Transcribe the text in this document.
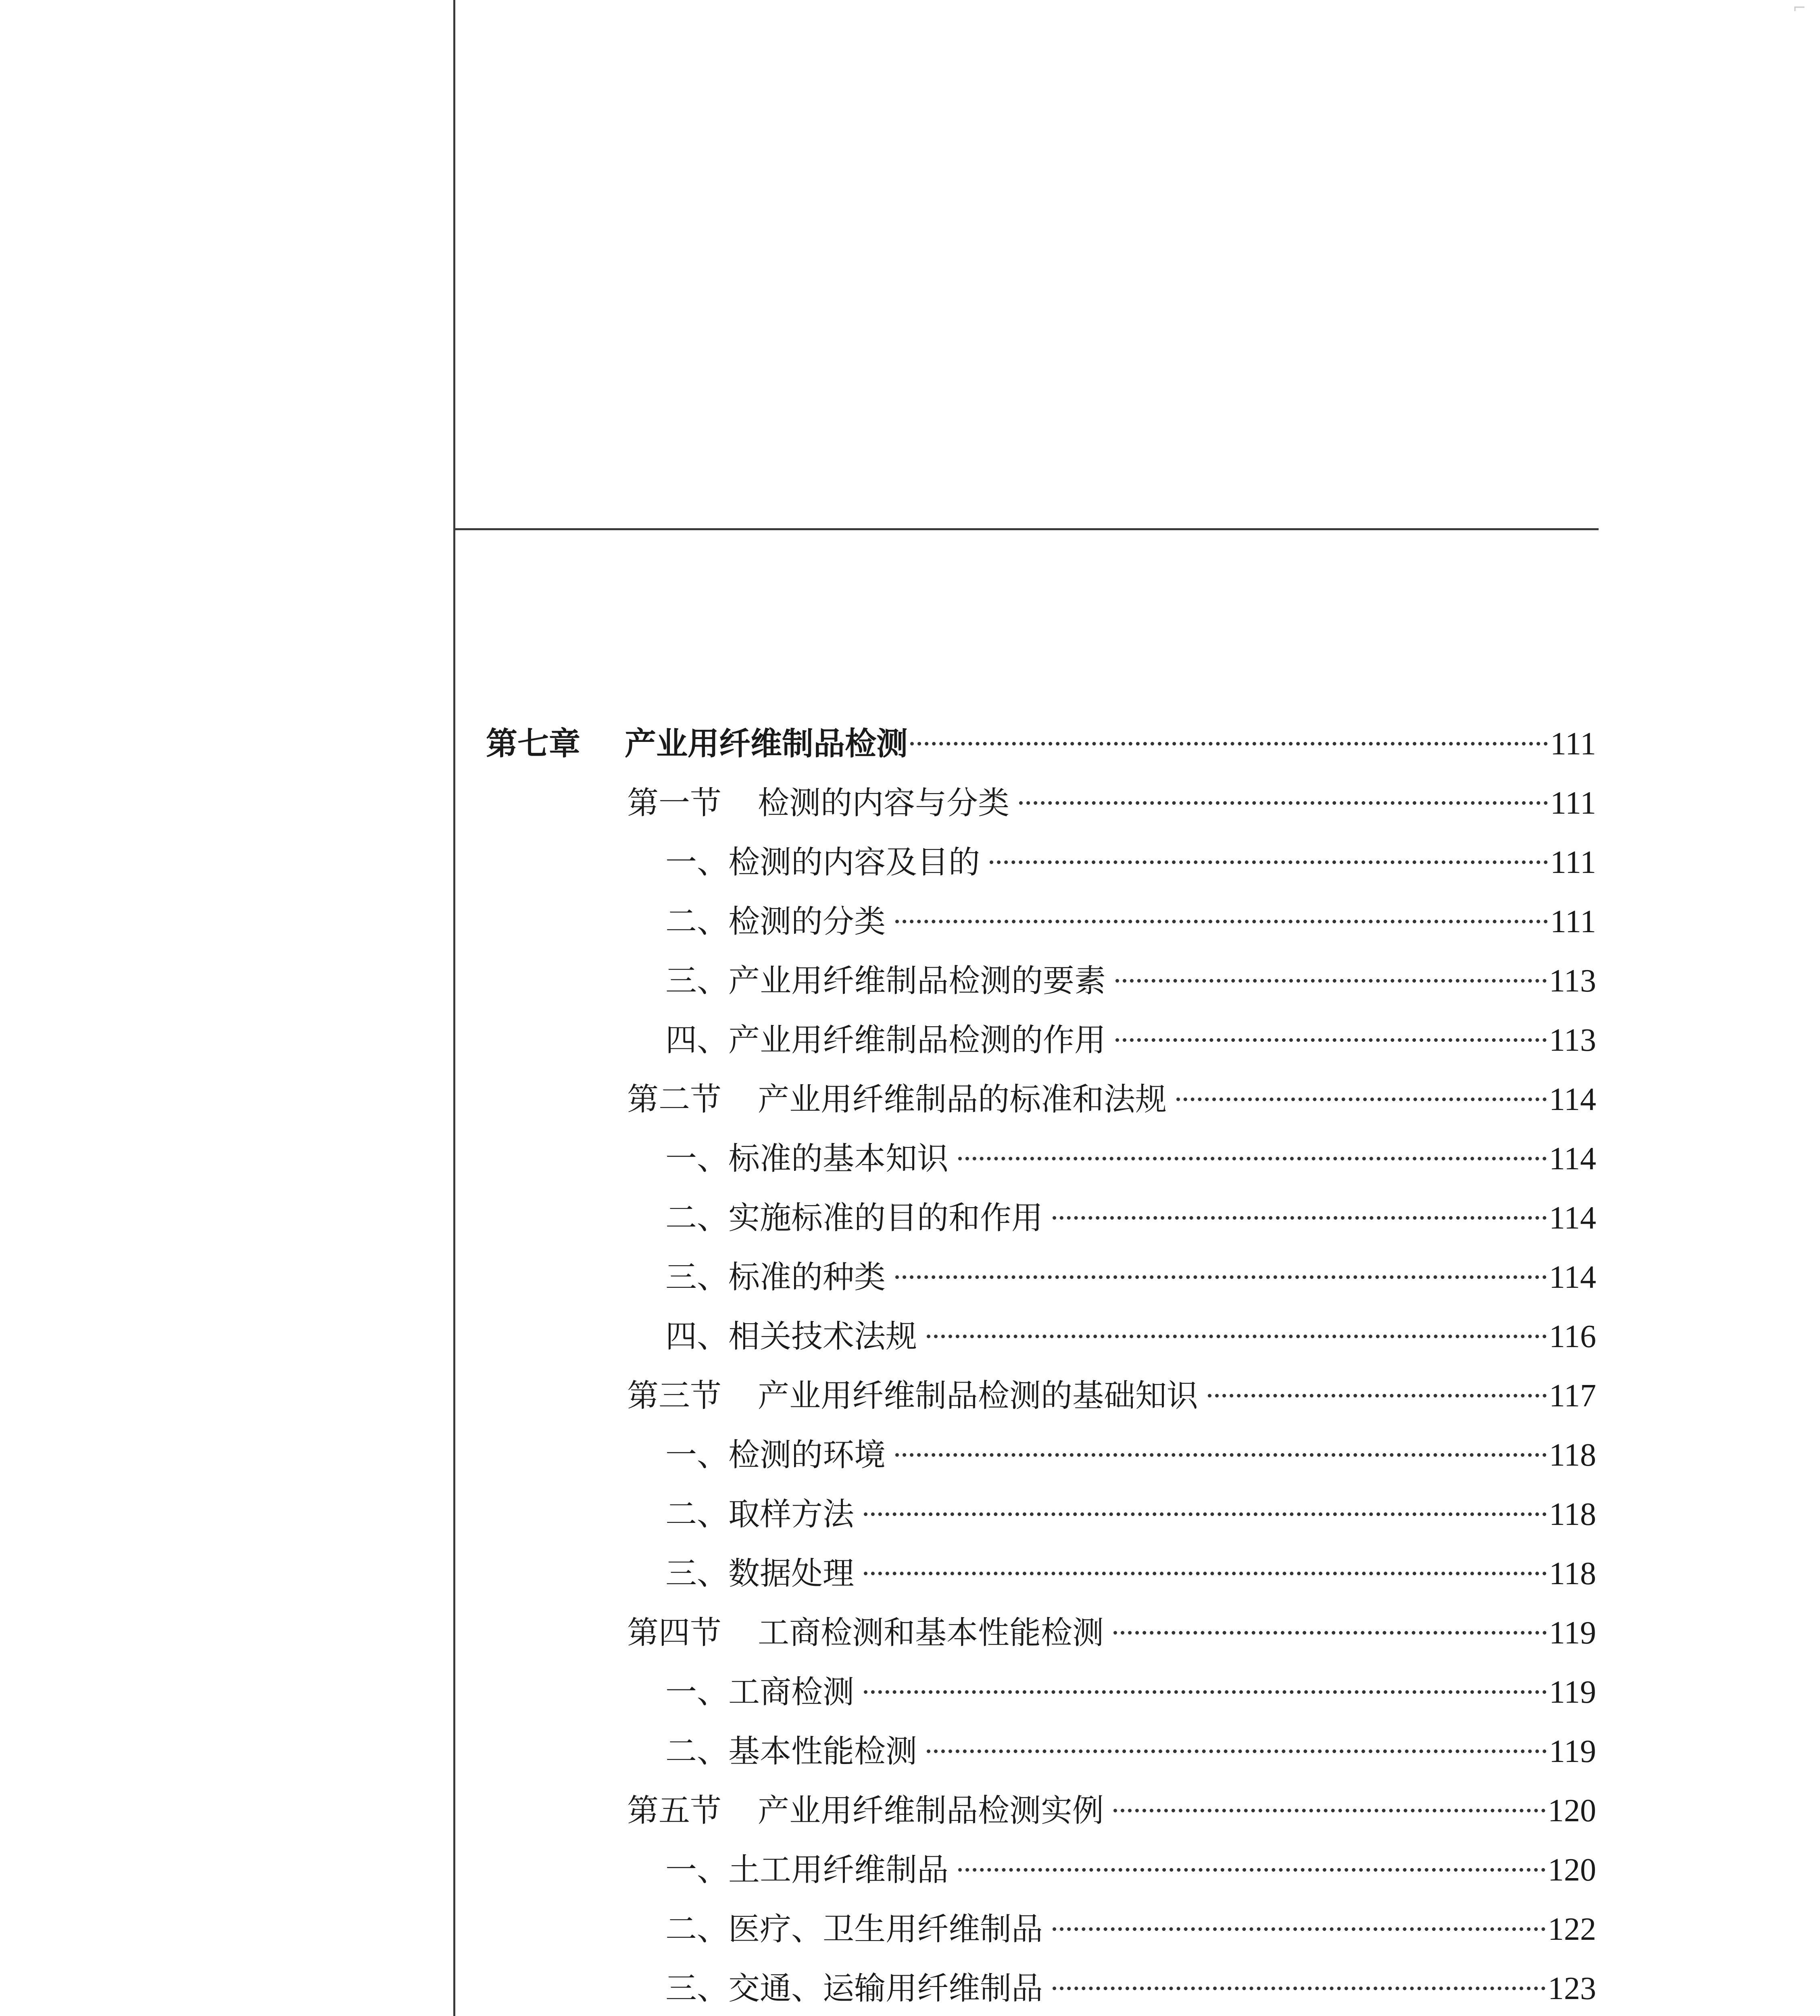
⌐
第七章 产业用纤维制品检测	111
第一节 检测的内容与分类	111
一、检测的内容及目的	111
二、检测的分类	111
三、产业用纤维制品检测的要素	113
四、产业用纤维制品检测的作用	113
第二节 产业用纤维制品的标准和法规	114
一、标准的基本知识	114
二、实施标准的目的和作用	114
三、标准的种类	114
四、相关技术法规	116
第三节 产业用纤维制品检测的基础知识	117
一、检测的环境	118
二、取样方法	118
三、数据处理	118
第四节 工商检测和基本性能检测	119
一、工商检测	119
二、基本性能检测	119
第五节 产业用纤维制品检测实例	120
一、土工用纤维制品	120
二、医疗、卫生用纤维制品	122
三、交通、运输用纤维制品	123
